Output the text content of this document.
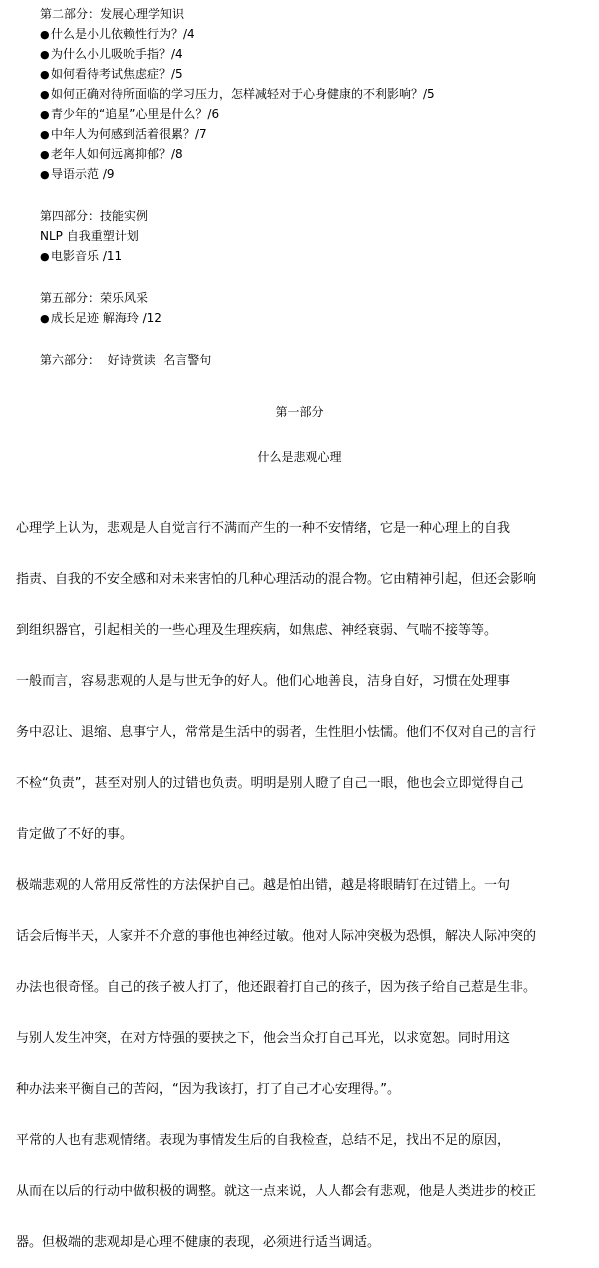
第二部分：发展心理学知识
●什么是小儿依赖性行为？/4
●为什么小儿吸吮手指？/4
●如何看待考试焦虑症？/5
●如何正确对待所面临的学习压力，怎样减轻对于心身健康的不利影响？/5
●青少年的“追星”心里是什么？/6
●中年人为何感到活着很累？/7
●老年人如何远离抑郁？/8
●导语示范 /9
第四部分：技能实例
NLP 自我重塑计划
●电影音乐 /11
第五部分：荣乐风采
●成长足迹 解海玲 /12
第六部分：  好诗赏读  名言警句
第一部分
什么是悲观心理

心理学上认为，悲观是人自觉言行不满而产生的一种不安情绪，它是一种心理上的自我

指责、自我的不安全感和对未来害怕的几种心理活动的混合物。它由精神引起，但还会影响

到组织器官，引起相关的一些心理及生理疾病，如焦虑、神经衰弱、气喘不接等等。

一般而言，容易悲观的人是与世无争的好人。他们心地善良，洁身自好，习惯在处理事

务中忍让、退缩、息事宁人，常常是生活中的弱者，生性胆小怯懦。他们不仅对自己的言行

不检“负责”，甚至对别人的过错也负责。明明是别人瞪了自己一眼，他也会立即觉得自己

肯定做了不好的事。

极端悲观的人常用反常性的方法保护自己。越是怕出错，越是将眼睛钉在过错上。一句

话会后悔半天，人家并不介意的事他也神经过敏。他对人际冲突极为恐惧，解决人际冲突的

办法也很奇怪。自己的孩子被人打了，他还跟着打自己的孩子，因为孩子给自己惹是生非。

与别人发生冲突，在对方恃强的要挟之下，他会当众打自己耳光，以求宽恕。同时用这

种办法来平衡自己的苦闷，“因为我该打，打了自己才心安理得。”。

平常的人也有悲观情绪。表现为事情发生后的自我检查，总结不足，找出不足的原因，

从而在以后的行动中做积极的调整。就这一点来说，人人都会有悲观，他是人类进步的校正

器。但极端的悲观却是心理不健康的表现，必须进行适当调适。
